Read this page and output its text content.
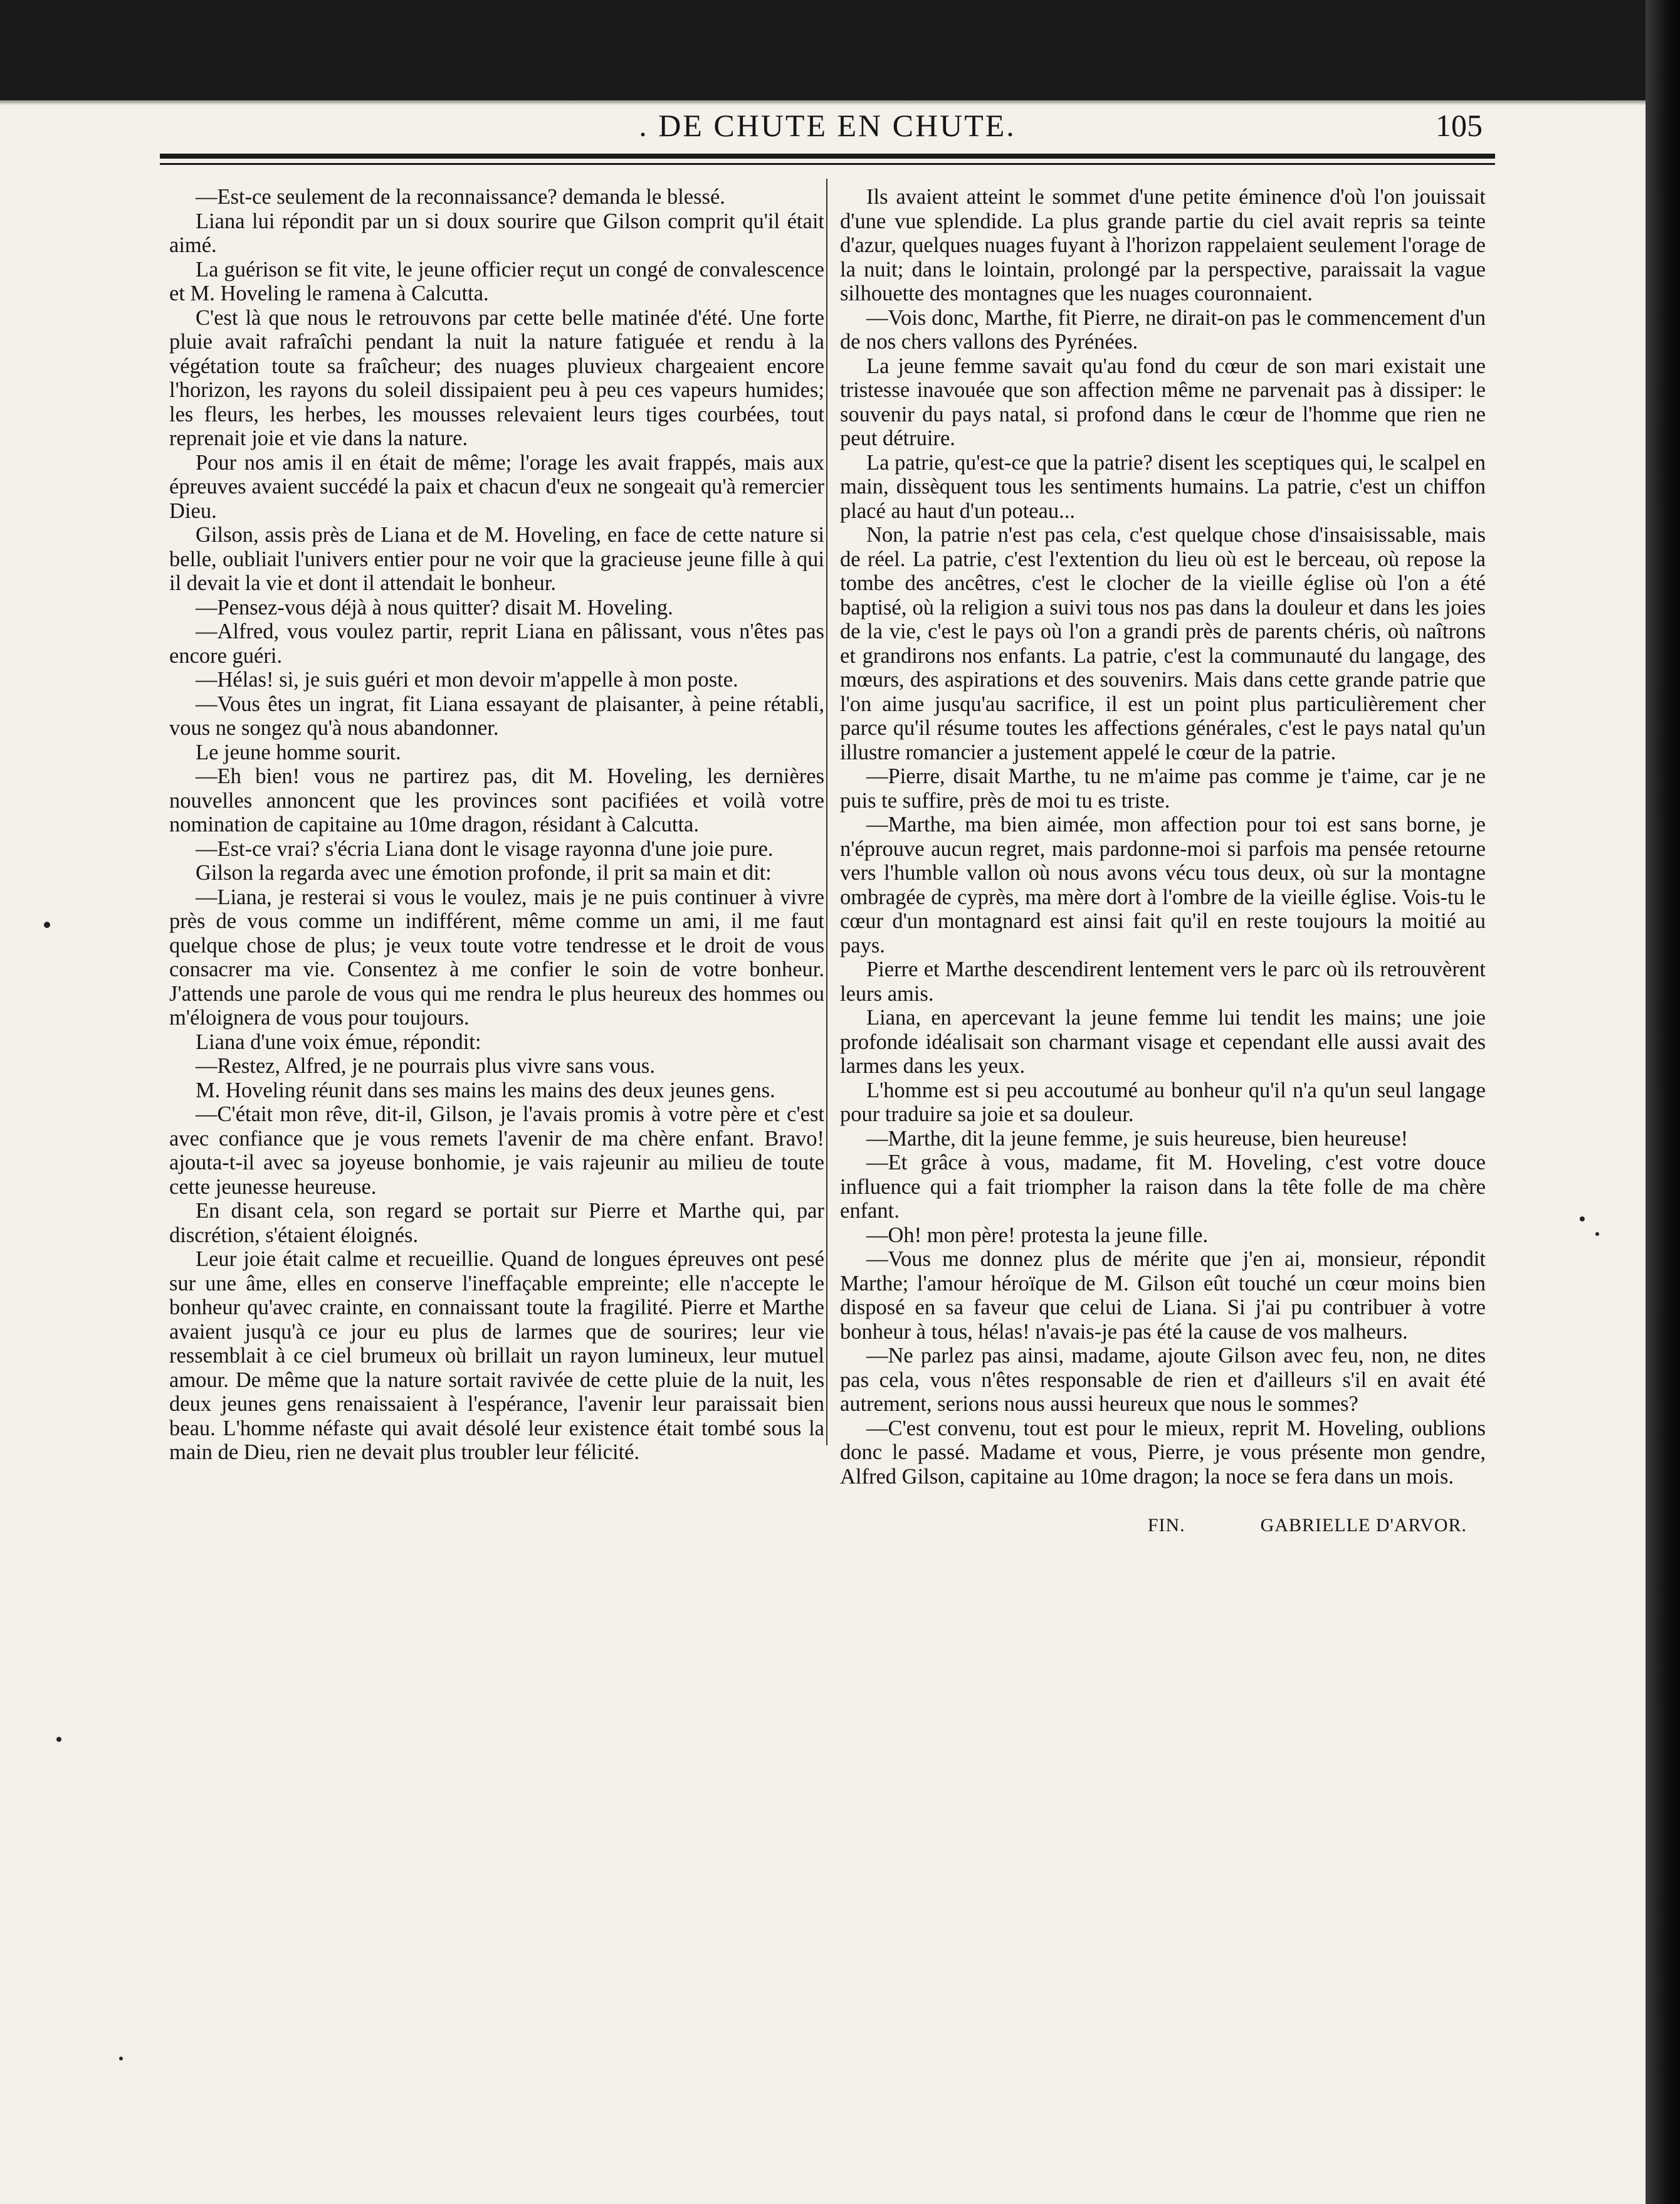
. DE CHUTE EN CHUTE.	105

—Est-ce seulement de la reconnaissance? demanda le blessé.

Liana lui répondit par un si doux sourire que Gilson comprit qu'il était aimé.

La guérison se fit vite, le jeune officier reçut un congé de convalescence et M. Hoveling le ramena à Calcutta.

C'est là que nous le retrouvons par cette belle matinée d'été. Une forte pluie avait rafraîchi pendant la nuit la nature fatiguée et rendu à la végétation toute sa fraîcheur; des nuages pluvieux chargeaient encore l'horizon, les rayons du soleil dissipaient peu à peu ces vapeurs humides; les fleurs, les herbes, les mousses relevaient leurs tiges courbées, tout reprenait joie et vie dans la nature.

Pour nos amis il en était de même; l'orage les avait frappés, mais aux épreuves avaient succédé la paix et chacun d'eux ne songeait qu'à remercier Dieu.

Gilson, assis près de Liana et de M. Hoveling, en face de cette nature si belle, oubliait l'univers entier pour ne voir que la gracieuse jeune fille à qui il devait la vie et dont il attendait le bonheur.

—Pensez-vous déjà à nous quitter? disait M. Hoveling.

—Alfred, vous voulez partir, reprit Liana en pâlissant, vous n'êtes pas encore guéri.

—Hélas! si, je suis guéri et mon devoir m'appelle à mon poste.

—Vous êtes un ingrat, fit Liana essayant de plaisanter, à peine rétabli, vous ne songez qu'à nous abandonner.

Le jeune homme sourit.

—Eh bien! vous ne partirez pas, dit M. Hoveling, les dernières nouvelles annoncent que les provinces sont pacifiées et voilà votre nomination de capitaine au 10me dragon, résidant à Calcutta.

—Est-ce vrai? s'écria Liana dont le visage rayonna d'une joie pure.

Gilson la regarda avec une émotion profonde, il prit sa main et dit:

—Liana, je resterai si vous le voulez, mais je ne puis continuer à vivre près de vous comme un indifférent, même comme un ami, il me faut quelque chose de plus; je veux toute votre tendresse et le droit de vous consacrer ma vie. Consentez à me confier le soin de votre bonheur. J'attends une parole de vous qui me rendra le plus heureux des hommes ou m'éloignera de vous pour toujours.

Liana d'une voix émue, répondit:

—Restez, Alfred, je ne pourrais plus vivre sans vous.

M. Hoveling réunit dans ses mains les mains des deux jeunes gens.

—C'était mon rêve, dit-il, Gilson, je l'avais promis à votre père et c'est avec confiance que je vous remets l'avenir de ma chère enfant. Bravo! ajouta-t-il avec sa joyeuse bonhomie, je vais rajeunir au milieu de toute cette jeunesse heureuse.

En disant cela, son regard se portait sur Pierre et Marthe qui, par discrétion, s'étaient éloignés.

Leur joie était calme et recueillie. Quand de longues épreuves ont pesé sur une âme, elles en conserve l'ineffaçable empreinte; elle n'accepte le bonheur qu'avec crainte, en connaissant toute la fragilité. Pierre et Marthe avaient jusqu'à ce jour eu plus de larmes que de sourires; leur vie ressemblait à ce ciel brumeux où brillait un rayon lumineux, leur mutuel amour. De même que la nature sortait ravivée de cette pluie de la nuit, les deux jeunes gens renaissaient à l'espérance, l'avenir leur paraissait bien beau. L'homme néfaste qui avait désolé leur existence était tombé sous la main de Dieu, rien ne devait plus troubler leur félicité.

Ils avaient atteint le sommet d'une petite éminence d'où l'on jouissait d'une vue splendide. La plus grande partie du ciel avait repris sa teinte d'azur, quelques nuages fuyant à l'horizon rappelaient seulement l'orage de la nuit; dans le lointain, prolongé par la perspective, paraissait la vague silhouette des montagnes que les nuages couronnaient.

—Vois donc, Marthe, fit Pierre, ne dirait-on pas le commencement d'un de nos chers vallons des Pyrénées.

La jeune femme savait qu'au fond du cœur de son mari existait une tristesse inavouée que son affection même ne parvenait pas à dissiper: le souvenir du pays natal, si profond dans le cœur de l'homme que rien ne peut détruire.

La patrie, qu'est-ce que la patrie? disent les sceptiques qui, le scalpel en main, dissèquent tous les sentiments humains. La patrie, c'est un chiffon placé au haut d'un poteau...

Non, la patrie n'est pas cela, c'est quelque chose d'insaisissable, mais de réel. La patrie, c'est l'extention du lieu où est le berceau, où repose la tombe des ancêtres, c'est le clocher de la vieille église où l'on a été baptisé, où la religion a suivi tous nos pas dans la douleur et dans les joies de la vie, c'est le pays où l'on a grandi près de parents chéris, où naîtrons et grandirons nos enfants. La patrie, c'est la communauté du langage, des mœurs, des aspirations et des souvenirs. Mais dans cette grande patrie que l'on aime jusqu'au sacrifice, il est un point plus particulièrement cher parce qu'il résume toutes les affections générales, c'est le pays natal qu'un illustre romancier a justement appelé le cœur de la patrie.

—Pierre, disait Marthe, tu ne m'aime pas comme je t'aime, car je ne puis te suffire, près de moi tu es triste.

—Marthe, ma bien aimée, mon affection pour toi est sans borne, je n'éprouve aucun regret, mais pardonne-moi si parfois ma pensée retourne vers l'humble vallon où nous avons vécu tous deux, où sur la montagne ombragée de cyprès, ma mère dort à l'ombre de la vieille église. Vois-tu le cœur d'un montagnard est ainsi fait qu'il en reste toujours la moitié au pays.

Pierre et Marthe descendirent lentement vers le parc où ils retrouvèrent leurs amis.

Liana, en apercevant la jeune femme lui tendit les mains; une joie profonde idéalisait son charmant visage et cependant elle aussi avait des larmes dans les yeux.

L'homme est si peu accoutumé au bonheur qu'il n'a qu'un seul langage pour traduire sa joie et sa douleur.

—Marthe, dit la jeune femme, je suis heureuse, bien heureuse!

—Et grâce à vous, madame, fit M. Hoveling, c'est votre douce influence qui a fait triompher la raison dans la tête folle de ma chère enfant.

—Oh! mon père! protesta la jeune fille.

—Vous me donnez plus de mérite que j'en ai, monsieur, répondit Marthe; l'amour héroïque de M. Gilson eût touché un cœur moins bien disposé en sa faveur que celui de Liana. Si j'ai pu contribuer à votre bonheur à tous, hélas! n'avais-je pas été la cause de vos malheurs.

—Ne parlez pas ainsi, madame, ajoute Gilson avec feu, non, ne dites pas cela, vous n'êtes responsable de rien et d'ailleurs s'il en avait été autrement, serions nous aussi heureux que nous le sommes?

—C'est convenu, tout est pour le mieux, reprit M. Hoveling, oublions donc le passé. Madame et vous, Pierre, je vous présente mon gendre, Alfred Gilson, capitaine au 10me dragon; la noce se fera dans un mois.

FIN.	GABRIELLE D'ARVOR.
